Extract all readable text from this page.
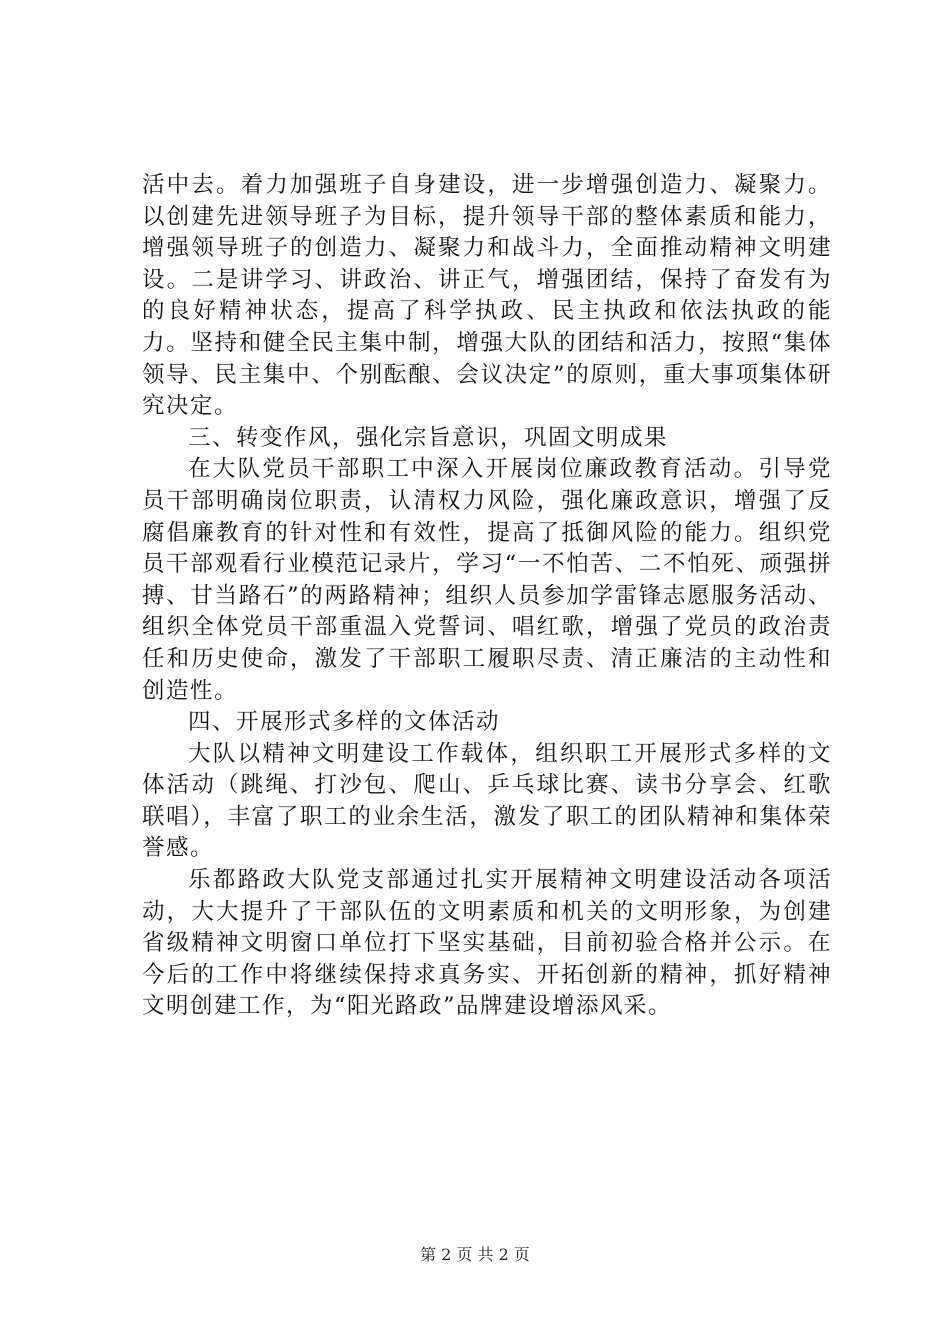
活中去。着力加强班子自身建设，进一步增强创造力、凝聚力。以创建先进领导班子为目标，提升领导干部的整体素质和能力，增强领导班子的创造力、凝聚力和战斗力，全面推动精神文明建设。二是讲学习、讲政治、讲正气，增强团结，保持了奋发有为的良好精神状态，提高了科学执政、民主执政和依法执政的能力。坚持和健全民主集中制，增强大队的团结和活力，按照“集体领导、民主集中、个别酝酿、会议决定”的原则，重大事项集体研究决定。

三、转变作风，强化宗旨意识，巩固文明成果

在大队党员干部职工中深入开展岗位廉政教育活动。引导党员干部明确岗位职责，认清权力风险，强化廉政意识，增强了反腐倡廉教育的针对性和有效性，提高了抵御风险的能力。组织党员干部观看行业模范记录片，学习“一不怕苦、二不怕死、顽强拼搏、甘当路石”的两路精神；组织人员参加学雷锋志愿服务活动、组织全体党员干部重温入党誓词、唱红歌，增强了党员的政治责任和历史使命，激发了干部职工履职尽责、清正廉洁的主动性和创造性。

四、开展形式多样的文体活动

大队以精神文明建设工作载体，组织职工开展形式多样的文体活动（跳绳、打沙包、爬山、乒乓球比赛、读书分享会、红歌联唱），丰富了职工的业余生活，激发了职工的团队精神和集体荣誉感。

乐都路政大队党支部通过扎实开展精神文明建设活动各项活动，大大提升了干部队伍的文明素质和机关的文明形象，为创建省级精神文明窗口单位打下坚实基础，目前初验合格并公示。在今后的工作中将继续保持求真务实、开拓创新的精神，抓好精神文明创建工作，为“阳光路政”品牌建设增添风采。

第 2 页 共 2 页
